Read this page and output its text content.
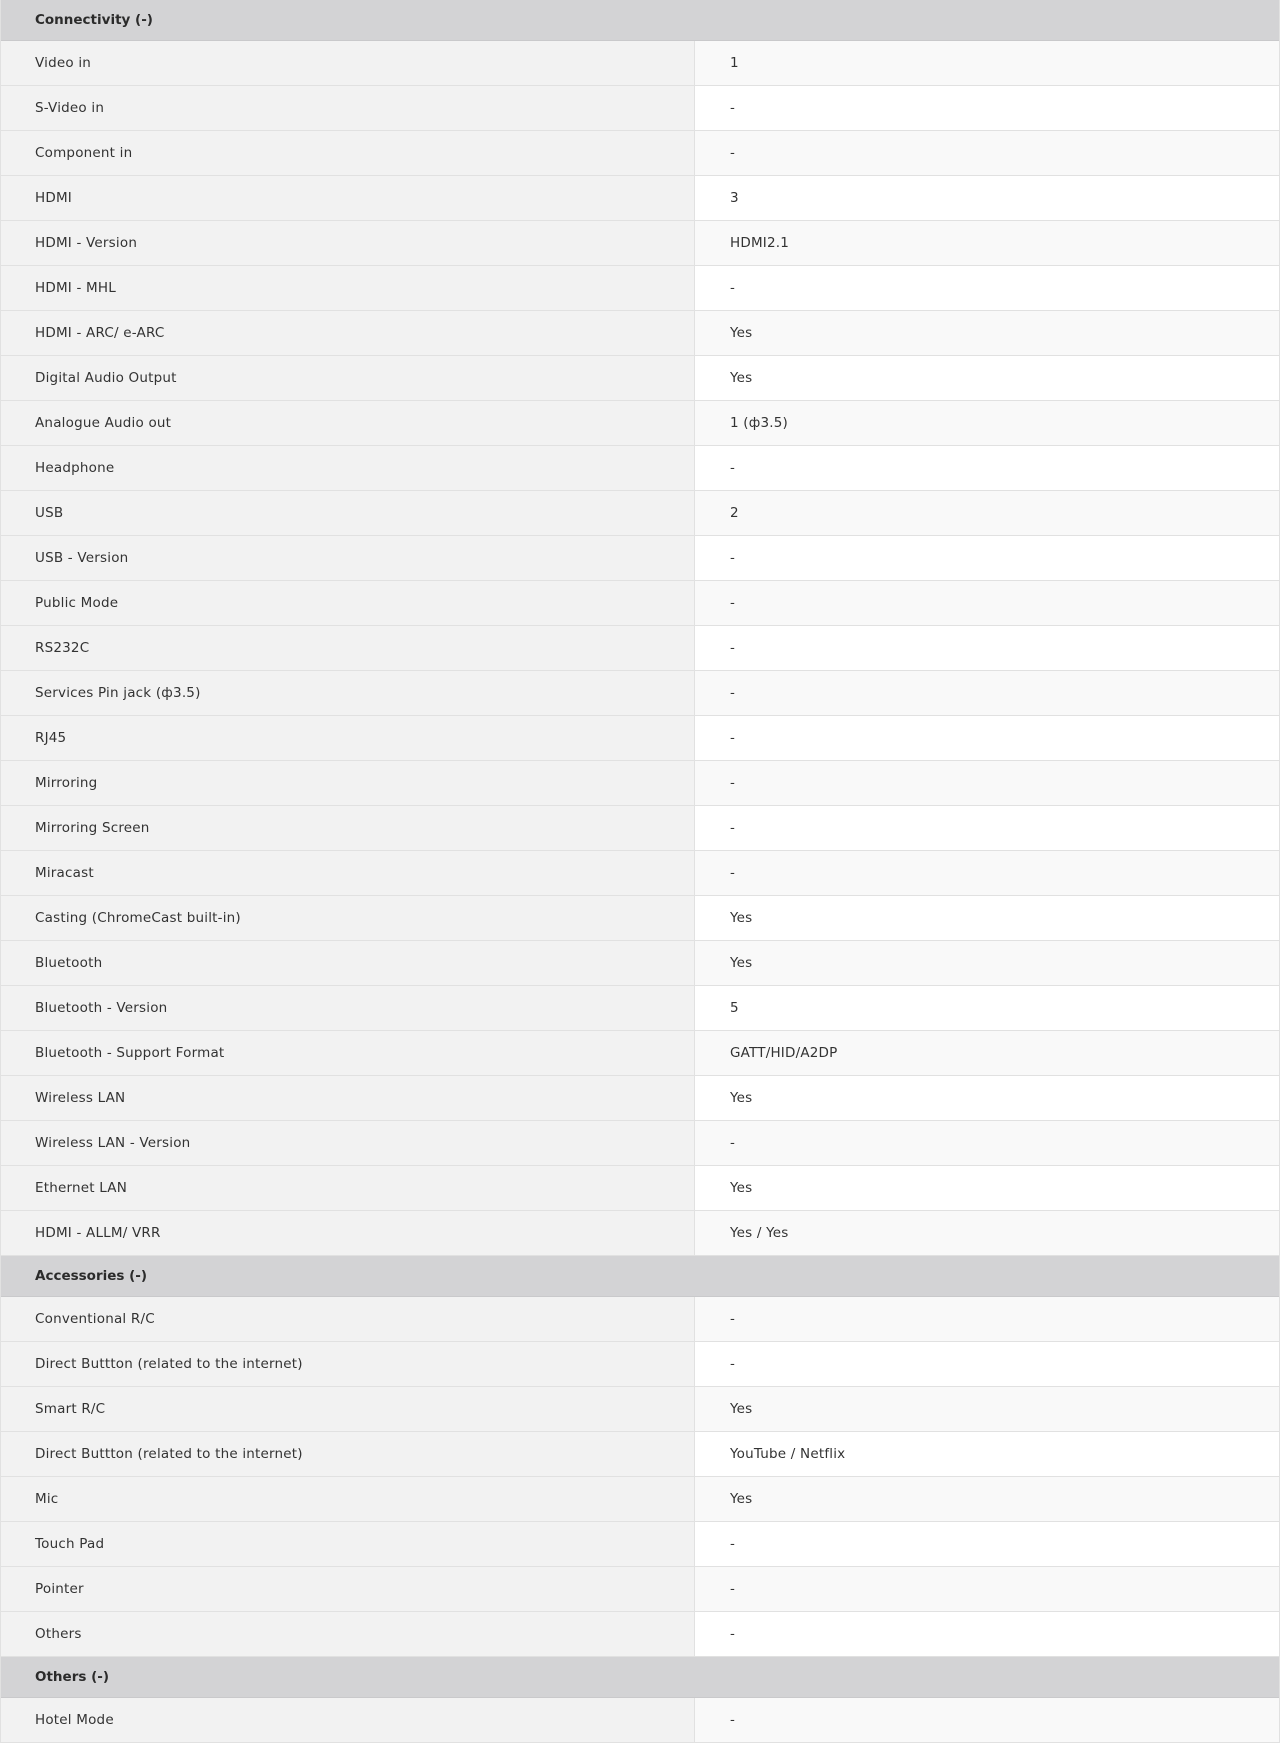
Connectivity (-)
Video in	1
S-Video in	-
Component in	-
HDMI	3
HDMI - Version	HDMI2.1
HDMI - MHL	-
HDMI - ARC/ e-ARC	Yes
Digital Audio Output	Yes
Analogue Audio out	1 (ф3.5)
Headphone	-
USB	2
USB - Version	-
Public Mode	-
RS232C	-
Services Pin jack (ф3.5)	-
RJ45	-
Mirroring	-
Mirroring Screen	-
Miracast	-
Casting (ChromeCast built-in)	Yes
Bluetooth	Yes
Bluetooth - Version	5
Bluetooth - Support Format	GATT/HID/A2DP
Wireless LAN	Yes
Wireless LAN - Version	-
Ethernet LAN	Yes
HDMI - ALLM/ VRR	Yes / Yes
Accessories (-)
Conventional R/C	-
Direct Buttton (related to the internet)	-
Smart R/C	Yes
Direct Buttton (related to the internet)	YouTube / Netflix
Mic	Yes
Touch Pad	-
Pointer	-
Others	-
Others (-)
Hotel Mode	-
